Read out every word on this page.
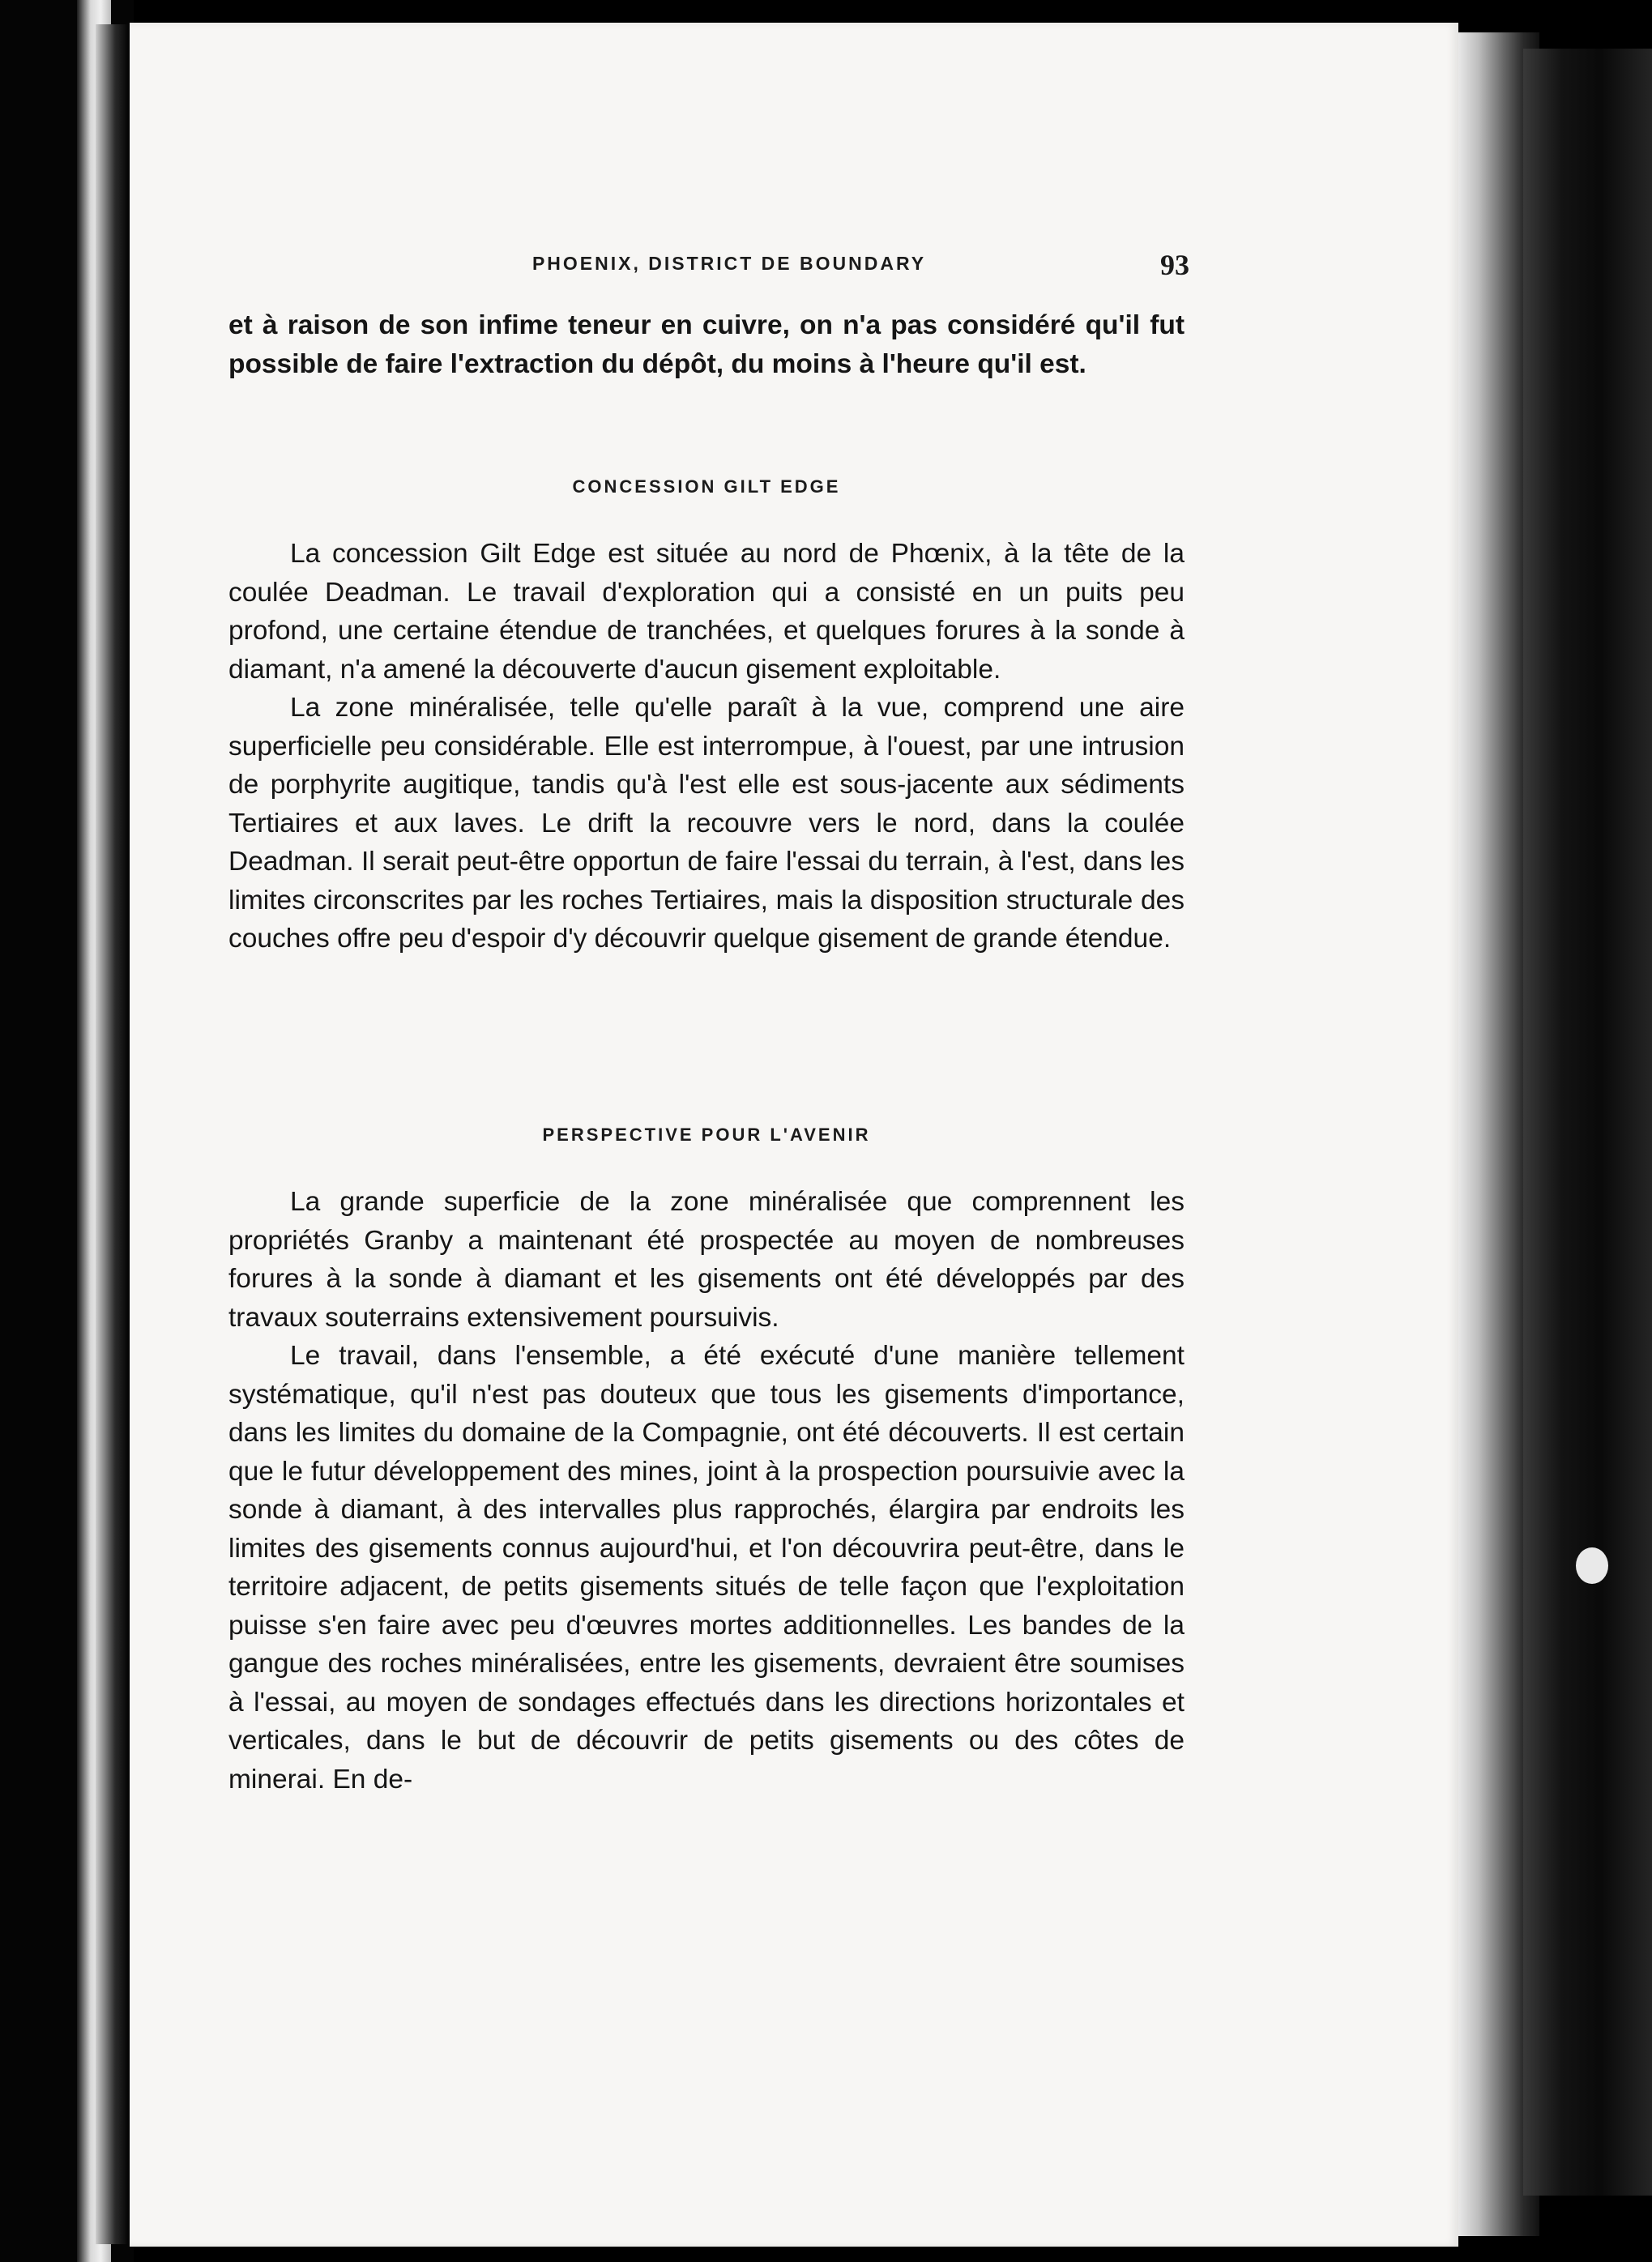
PHOENIX, DISTRICT DE BOUNDARY	93

et à raison de son infime teneur en cuivre, on n'a pas considéré qu'il fut possible de faire l'extraction du dépôt, du moins à l'heure qu'il est.

CONCESSION GILT EDGE

La concession Gilt Edge est située au nord de Phœnix, à la tête de la coulée Deadman. Le travail d'exploration qui a consisté en un puits peu profond, une certaine étendue de tranchées, et quelques forures à la sonde à diamant, n'a amené la découverte d'aucun gisement exploitable.

La zone minéralisée, telle qu'elle paraît à la vue, comprend une aire superficielle peu considérable. Elle est interrompue, à l'ouest, par une intrusion de porphyrite augitique, tandis qu'à l'est elle est sous-jacente aux sédiments Tertiaires et aux laves. Le drift la recouvre vers le nord, dans la coulée Deadman. Il serait peut-être opportun de faire l'essai du terrain, à l'est, dans les limites circonscrites par les roches Tertiaires, mais la disposition structurale des couches offre peu d'espoir d'y découvrir quelque gisement de grande étendue.

PERSPECTIVE POUR L'AVENIR

La grande superficie de la zone minéralisée que comprennent les propriétés Granby a maintenant été prospectée au moyen de nombreuses forures à la sonde à diamant et les gisements ont été développés par des travaux souterrains extensivement poursuivis.

Le travail, dans l'ensemble, a été exécuté d'une manière tellement systématique, qu'il n'est pas douteux que tous les gisements d'importance, dans les limites du domaine de la Compagnie, ont été découverts. Il est certain que le futur développement des mines, joint à la prospection poursuivie avec la sonde à diamant, à des intervalles plus rapprochés, élargira par endroits les limites des gisements connus aujourd'hui, et l'on découvrira peut-être, dans le territoire adjacent, de petits gisements situés de telle façon que l'exploitation puisse s'en faire avec peu d'œuvres mortes additionnelles. Les bandes de la gangue des roches minéralisées, entre les gisements, devraient être soumises à l'essai, au moyen de sondages effectués dans les directions horizontales et verticales, dans le but de découvrir de petits gisements ou des côtes de minerai. En de-
